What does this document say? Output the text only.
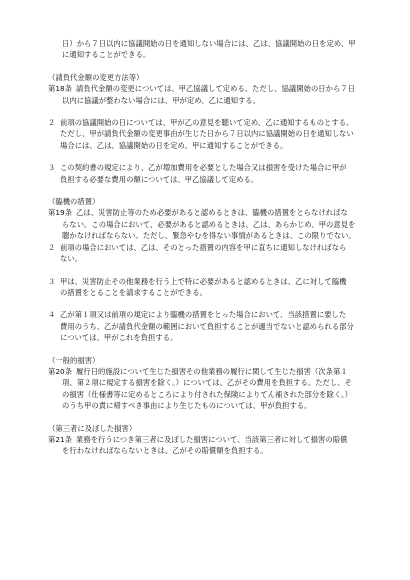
日）から７日以内に協議開始の日を通知しない場合には、乙は、協議開始の日を定め、甲

に通知することができる。

（請負代金額の変更方法等）

第18条 請負代金額の変更については、甲乙協議して定める。ただし、協議開始の日から７日

以内に協議が整わない場合には、甲が定め、乙に通知する。

２ 前項の協議開始の日については、甲が乙の意見を聴いて定め、乙に通知するものとする。

ただし、甲が請負代金額の変更事由が生じた日から７日以内に協議開始の日を通知しない

場合には、乙は、協議開始の日を定め、甲に通知することができる。

３ この契約書の規定により、乙が増加費用を必要とした場合又は損害を受けた場合に甲が

負担する必要な費用の額については、甲乙協議して定める。

（臨機の措置）

第19条 乙は、災害防止等のため必要があると認めるときは、臨機の措置をとらなければな

らない。この場合において、必要があると認めるときは、乙は、あらかじめ、甲の意見を

聴かなければならない。ただし、緊急やむを得ない事情があるときは、この限りでない。

２ 前項の場合においては、乙は、そのとった措置の内容を甲に直ちに通知しなければなら

ない。

３ 甲は、災害防止その他業務を行う上で特に必要があると認めるときは、乙に対して臨機

の措置をとることを請求することができる。

４ 乙が第１項又は前項の規定により臨機の措置をとった場合において、当該措置に要した

費用のうち、乙が請負代金額の範囲において負担することが適当でないと認められる部分

については、甲がこれを負担する。

（一般的損害）

第20条 履行日的施設について生じた損害その他業務の履行に関して生じた損害（次条第１

項、第２項に規定する損害を除く。）については、乙がその費用を負担する。ただし、そ

の損害（仕様書等に定めるところにより付された保険によりてん補された部分を除く。）

のうち甲の責に帰すべき事由により生じたものについては、甲が負担する。

（第三者に及ぼした損害）

第21条 業務を行うにつき第三者に及ぼした損害について、当該第三者に対して損害の賠償

を行わなければならないときは、乙がその賠償額を負担する。
